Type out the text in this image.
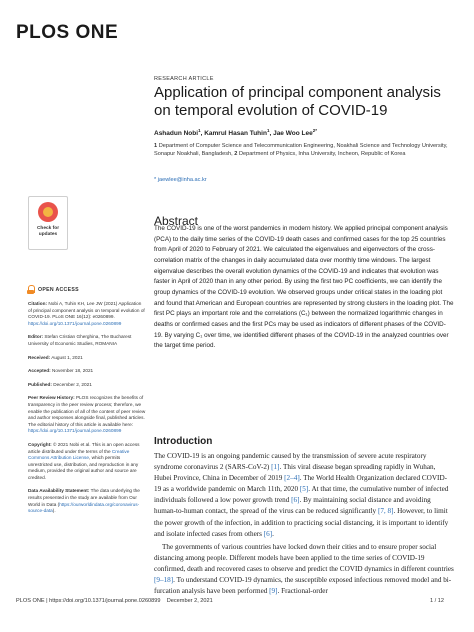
PLOS ONE
RESEARCH ARTICLE
Application of principal component analysis on temporal evolution of COVID-19
Ashadun Nobi$^1$, Kamrul Hasan Tuhin$^1$, Jae Woo Lee$^{2*}$
1 Department of Computer Science and Telecommunication Engineering, Noakhali Science and Technology University, Sonapur Noakhali, Bangladesh, 2 Department of Physics, Inha University, Incheon, Republic of Korea
* jaewlee@inha.ac.kr
Check for updates
OPEN ACCESS

Citation: Nobi A, Tuhin KH, Lee JW (2021) Application of principal component analysis on temporal evolution of COVID-19. PLoS ONE 16(12): e0260899. https://doi.org/10.1371/journal.pone.0260899

Editor: Stefan Cristian Gherghina, The Bucharest University of Economic Studies, ROMANIA

Received: August 1, 2021

Accepted: November 18, 2021

Published: December 2, 2021

Peer Review History: PLOS recognizes the benefits of transparency in the peer review process; therefore, we enable the publication of all of the content of peer review and author responses alongside final, published articles. The editorial history of this article is available here: https://doi.org/10.1371/journal.pone.0260899

Copyright: © 2021 Nobi et al. This is an open access article distributed under the terms of the Creative Commons Attribution License, which permits unrestricted use, distribution, and reproduction in any medium, provided the original author and source are credited.

Data Availability Statement: The data underlying the results presented in the study are available from Our World in Data (https://ourworldindata.org/coronavirus-source-data).

Abstract

The COVID-19 is one of the worst pandemics in modern history. We applied principal component analysis (PCA) to the daily time series of the COVID-19 death cases and confirmed cases for the top 25 countries from April of 2020 to February of 2021. We calculated the eigenvalues and eigenvectors of the cross-correlation matrix of the changes in daily accumulated data over monthly time windows. The largest eigenvalue describes the overall evolution dynamics of the COVID-19 and indicates that evolution was faster in April of 2020 than in any other period. By using the first two PC coefficients, we can identify the group dynamics of the COVID-19 evolution. We observed groups under critical states in the loading plot and found that American and European countries are represented by strong clusters in the loading plot. The first PC plays an important role and the correlations (C₁) between the normalized logarithmic changes in deaths or confirmed cases and the first PCs may be used as indicators of different phases of the COVID-19. By varying C₁ over time, we identified different phases of the COVID-19 in the analyzed countries over the target time period.

Introduction

The COVID-19 is an ongoing pandemic caused by the transmission of severe acute respiratory syndrome coronavirus 2 (SARS-CoV-2) [1]. This viral disease began spreading rapidly in Wuhan, Hubei Province, China in December of 2019 [2–4]. The World Health Organization declared COVID-19 as a worldwide pandemic on March 11th, 2020 [5]. At that time, the cumulative number of infected individuals followed a low power growth trend [6]. By maintaining social distance and avoiding human-to-human contact, the spread of the virus can be reduced significantly [7, 8]. However, to limit the power growth of the infection, in addition to practicing social distancing, it is important to identify and isolate infected cases from others [6].

The governments of various countries have locked down their cities and to ensure proper social distancing among people. Different models have been applied to the time series of COVID-19 confirmed, death and recovered cases to observe and predict the COVID dynamics in different countries [9–18]. To understand COVID-19 dynamics, the susceptible exposed infectious removed model and bi-furcation analysis have been performed [9]. Fractional-order

PLOS ONE | https://doi.org/10.1371/journal.pone.0260899 December 2, 2021	1 / 12
